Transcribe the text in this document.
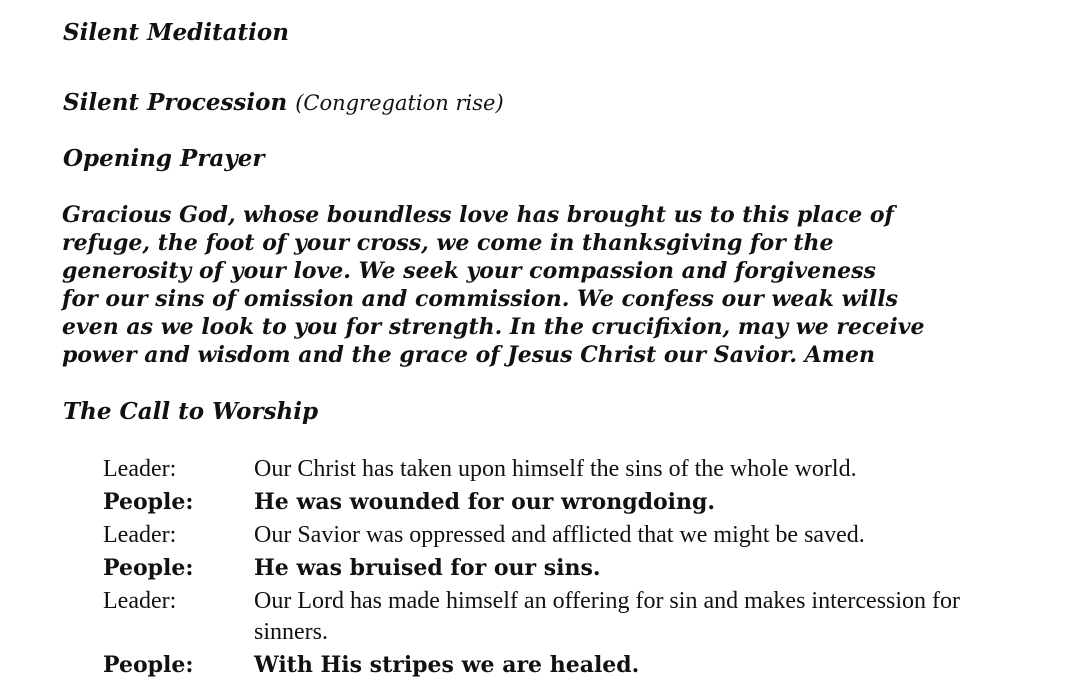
Silent Meditation
Silent Procession (Congregation rise)
Opening Prayer
Gracious God, whose boundless love has brought us to this place of
refuge, the foot of your cross, we come in thanksgiving for the
generosity of your love. We seek your compassion and forgiveness
for our sins of omission and commission. We confess our weak wills
even as we look to you for strength. In the crucifixion, may we receive
power and wisdom and the grace of Jesus Christ our Savior. Amen
The Call to Worship
Leader:	Our Christ has taken upon himself the sins of the whole world.
People:	He was wounded for our wrongdoing.
Leader:	Our Savior was oppressed and afflicted that we might be saved.
People:	He was bruised for our sins.
Leader:	Our Lord has made himself an offering for sin and makes intercession for sinners.
People:	With His stripes we are healed.
